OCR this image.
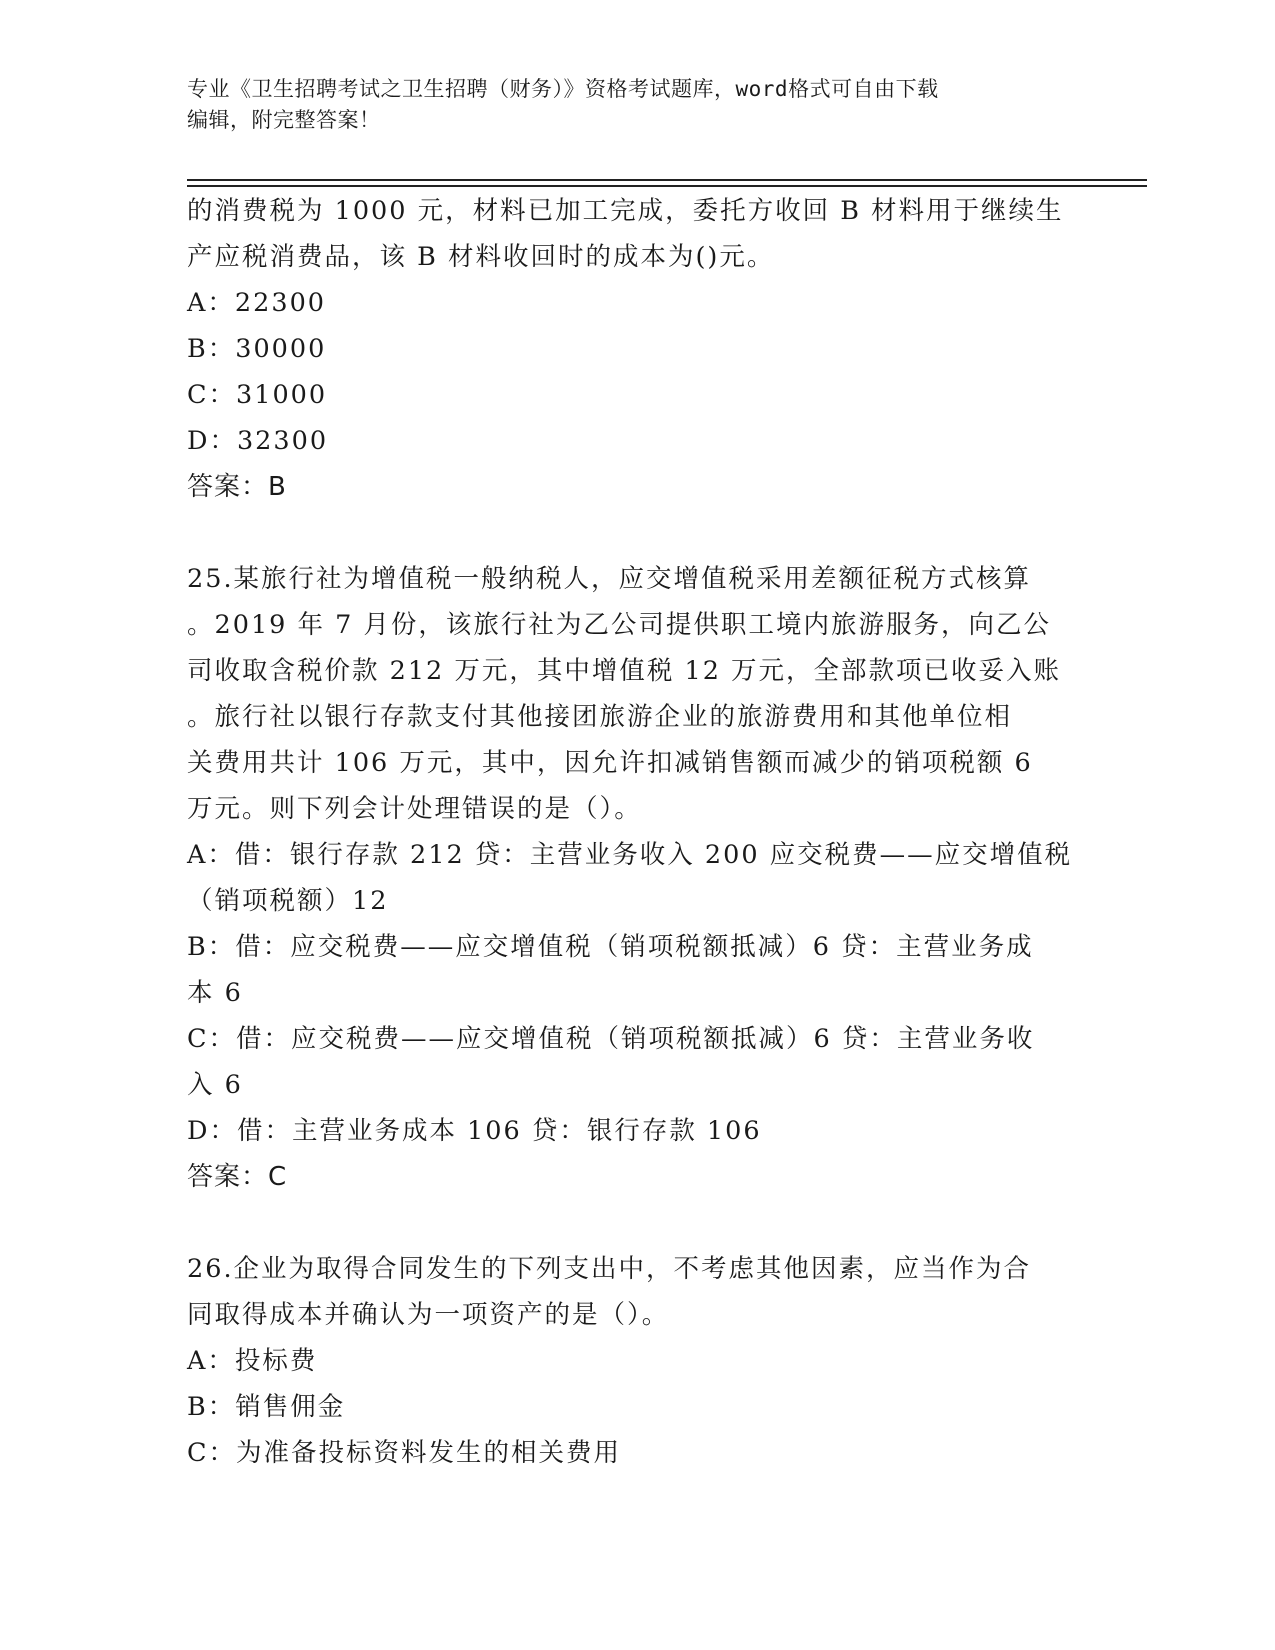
专业《卫生招聘考试之卫生招聘（财务）》资格考试题库，word格式可自由下载
编辑，附完整答案！
的消费税为 1000 元，材料已加工完成，委托方收回 B 材料用于继续生
产应税消费品，该 B 材料收回时的成本为()元。
A：22300
B：30000
C：31000
D：32300
答案：B
25.某旅行社为增值税一般纳税人，应交增值税采用差额征税方式核算
。2019 年 7 月份，该旅行社为乙公司提供职工境内旅游服务，向乙公
司收取含税价款 212 万元，其中增值税 12 万元，全部款项已收妥入账
。旅行社以银行存款支付其他接团旅游企业的旅游费用和其他单位相
关费用共计 106 万元，其中，因允许扣减销售额而减少的销项税额 6
万元。则下列会计处理错误的是（）。
A：借：银行存款 212 贷：主营业务收入 200 应交税费——应交增值税
（销项税额）12
B：借：应交税费——应交增值税（销项税额抵减）6 贷：主营业务成
本 6
C：借：应交税费——应交增值税（销项税额抵减）6 贷：主营业务收
入 6
D：借：主营业务成本 106 贷：银行存款 106
答案：C
26.企业为取得合同发生的下列支出中，不考虑其他因素，应当作为合
同取得成本并确认为一项资产的是（）。
A：投标费
B：销售佣金
C：为准备投标资料发生的相关费用
